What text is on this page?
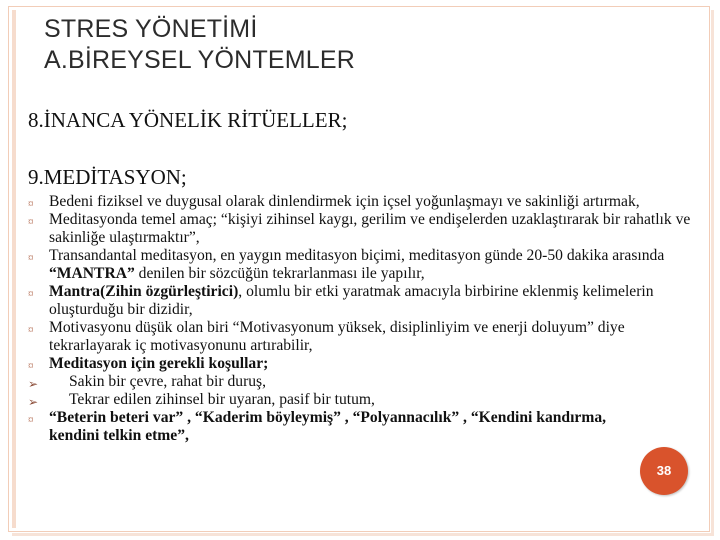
STRES YÖNETİMİ
A.BİREYSEL YÖNTEMLER
8.İNANCA YÖNELİK RİTÜELLER;
9.MEDİTASYON;
¤ Bedeni fiziksel ve duygusal olarak dinlendirmek için içsel yoğunlaşmayı ve sakinliği artırmak,
¤ Meditasyonda temel amaç; “kişiyi zihinsel kaygı, gerilim ve endişelerden uzaklaştırarak bir rahatlık ve sakinliğe ulaştırmaktır”,
¤ Transandantal meditasyon, en yaygın meditasyon biçimi, meditasyon günde 20-50 dakika arasında “MANTRA” denilen bir sözcüğün tekrarlanması ile yapılır,
¤ Mantra(Zihin özgürleştirici), olumlu bir etki yaratmak amacıyla birbirine eklenmiş kelimelerin oluşturduğu bir dizidir,
¤ Motivasyonu düşük olan biri “Motivasyonum yüksek, disiplinliyim ve enerji doluyum” diye tekrarlayarak iç motivasyonunu artırabilir,
¤ Meditasyon için gerekli koşullar;
➢ Sakin bir çevre, rahat bir duruş,
➢ Tekrar edilen zihinsel bir uyaran, pasif bir tutum,
¤ “Beterin beteri var” , “Kaderim böyleymiş” , “Polyannacılık” , “Kendini kandırma, kendini telkin etme”,
38
